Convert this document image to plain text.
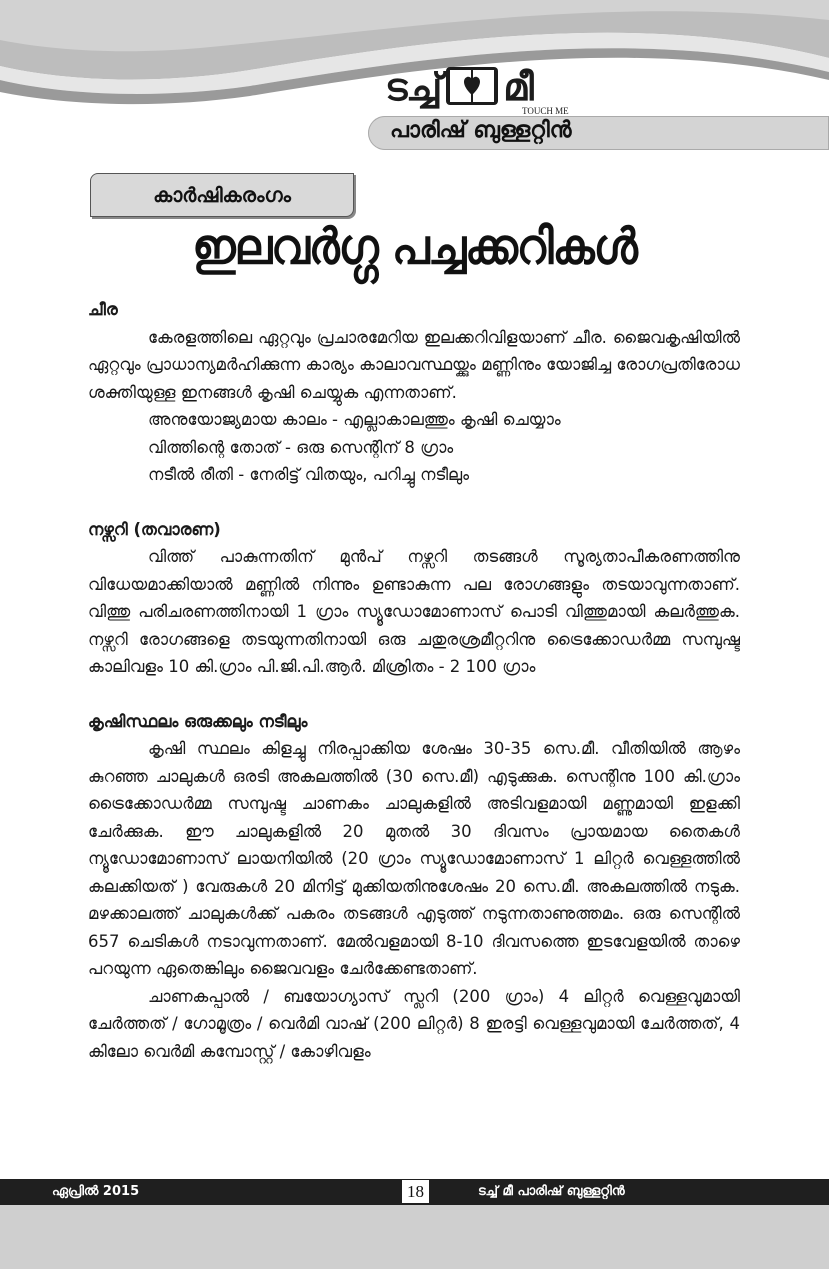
ടച്ച് മീ
TOUCH ME
പാരിഷ് ബുള്ളറ്റിൻ
കാർഷികരംഗം
ഇലവർഗ്ഗ പച്ചക്കറികൾ
ചീര

കേരളത്തിലെ ഏറ്റവും പ്രചാരമേറിയ ഇലക്കറിവിളയാണ് ചീര. ജൈവകൃഷിയിൽ ഏറ്റവും പ്രാധാന്യമർഹിക്കുന്ന കാര്യം കാലാവസ്ഥയ്ക്കും മണ്ണിനും യോജിച്ച രോഗപ്രതിരോധ ശക്തിയുള്ള ഇനങ്ങൾ കൃഷി ചെയ്യുക എന്നതാണ്.

അനുയോജ്യമായ കാലം - എല്ലാകാലത്തും കൃഷി ചെയ്യാം
വിത്തിന്റെ തോത് - ഒരു സെന്റിന് 8 ഗ്രാം
നടീൽ രീതി - നേരിട്ട് വിതയും, പറിച്ചു നടീലും
നഴ്സറി (തവാരണ)

വിത്ത് പാകുന്നതിന് മുൻപ് നഴ്സറി തടങ്ങൾ സൂര്യതാപീകരണത്തിനു വിധേയമാക്കിയാൽ മണ്ണിൽ നിന്നും ഉണ്ടാകുന്ന പല രോഗങ്ങളും തടയാവുന്നതാണ്. വിത്തു പരിചരണത്തിനായി 1 ഗ്രാം സ്യൂഡോമോണാസ് പൊടി വിത്തുമായി കലർത്തുക. നഴ്സറി രോഗങ്ങളെ തടയുന്നതിനായി ഒരു ചതുരശ്രമീറ്ററിനു ട്രൈക്കോഡർമ്മ സമ്പുഷ്ട കാലിവളം 10 കി.ഗ്രാം പി.ജി.പി.ആർ. മിശ്രിതം - 2 100 ഗ്രാം

കൃഷിസ്ഥലം ഒരുക്കലും നടീലും

കൃഷി സ്ഥലം കിളച്ചു നിരപ്പാക്കിയ ശേഷം 30-35 സെ.മീ. വീതിയിൽ ആഴം കുറഞ്ഞ ചാലുകൾ ഒരടി അകലത്തിൽ (30 സെ.മീ) എടുക്കുക. സെന്റിനു 100 കി.ഗ്രാം ട്രൈക്കോഡർമ്മ സമ്പുഷ്ട ചാണകം ചാലുകളിൽ അടിവളമായി മണ്ണുമായി ഇളക്കി ചേർക്കുക. ഈ ചാലുകളിൽ 20 മുതൽ 30 ദിവസം പ്രായമായ തൈകൾ ന്യൂഡോമോണാസ് ലായനിയിൽ (20 ഗ്രാം സ്യൂഡോമോണാസ് 1 ലിറ്റർ വെള്ളത്തിൽ കലക്കിയത് ) വേരുകൾ 20 മിനിട്ട് മുക്കിയതിനുശേഷം 20 സെ.മീ. അകലത്തിൽ നടുക. മഴക്കാലത്ത് ചാലുകൾക്ക് പകരം തടങ്ങൾ എടുത്ത് നടുന്നതാണുത്തമം. ഒരു സെന്റിൽ 657 ചെടികൾ നടാവുന്നതാണ്. മേൽവളമായി 8-10 ദിവസത്തെ ഇടവേളയിൽ താഴെ പറയുന്ന ഏതെങ്കിലും ജൈവവളം ചേർക്കേണ്ടതാണ്.

ചാണകപ്പാൽ / ബയോഗ്യാസ് സ്ലറി (200 ഗ്രാം) 4 ലിറ്റർ വെള്ളവുമായി ചേർത്തത് / ഗോമൂത്രം / വെർമി വാഷ് (200 ലിറ്റർ) 8 ഇരട്ടി വെള്ളവുമായി ചേർത്തത്, 4 കിലോ വെർമി കമ്പോസ്റ്റ് / കോഴിവളം

ഏപ്രിൽ 2015	18	ടച്ച് മീ പാരിഷ് ബുള്ളറ്റിൻ
